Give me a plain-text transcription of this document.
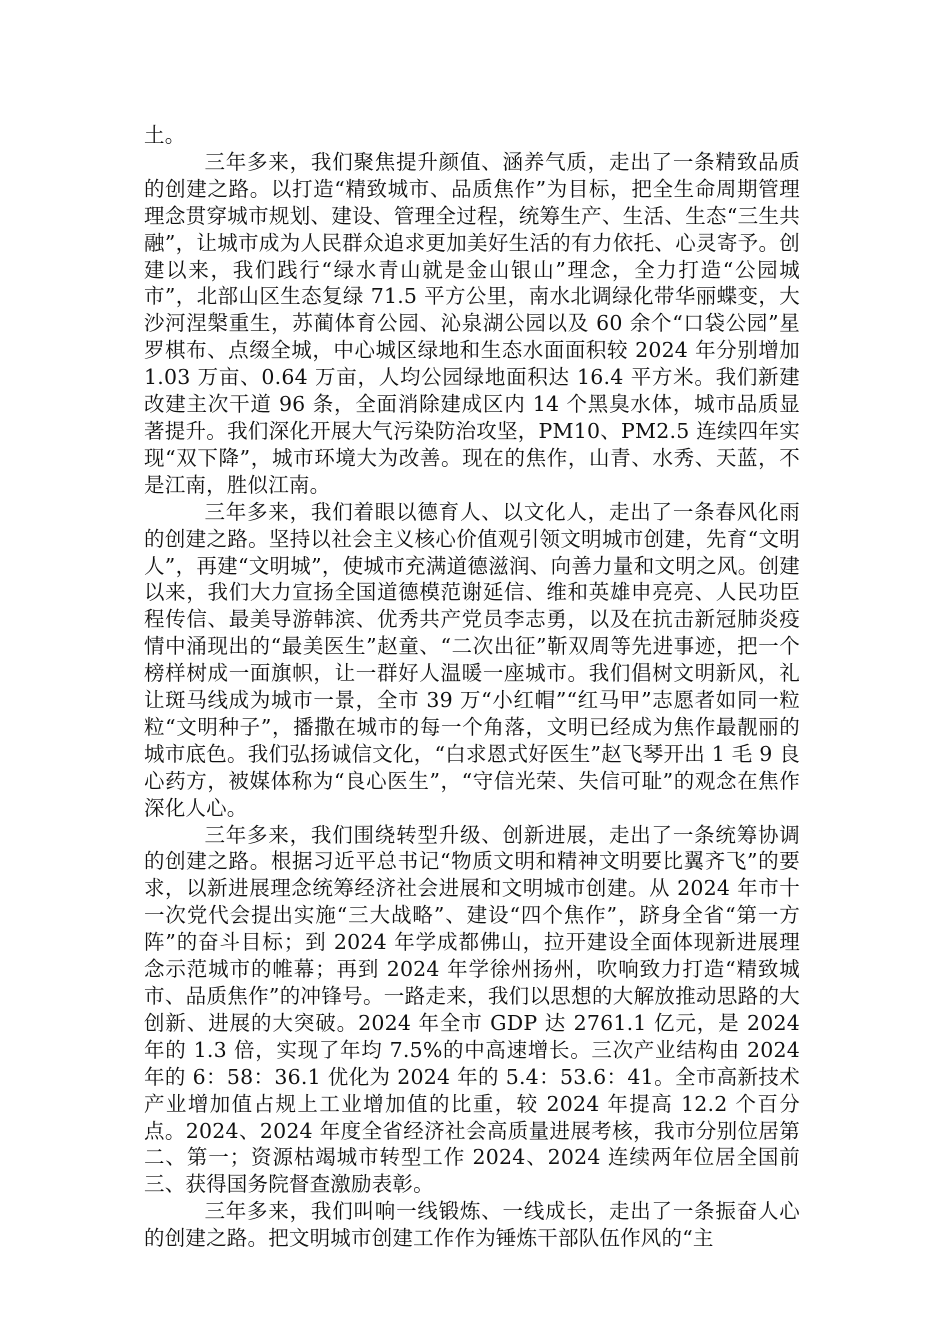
土。

三年多来，我们聚焦提升颜值、涵养气质，走出了一条精致品质的创建之路。以打造“精致城市、品质焦作”为目标，把全生命周期管理理念贯穿城市规划、建设、管理全过程，统筹生产、生活、生态“三生共融”，让城市成为人民群众追求更加美好生活的有力依托、心灵寄予。创建以来，我们践行“绿水青山就是金山银山”理念，全力打造“公园城市”，北部山区生态复绿 71.5 平方公里，南水北调绿化带华丽蝶变，大沙河涅槃重生，苏蔺体育公园、沁泉湖公园以及 60 余个“口袋公园”星罗棋布、点缀全城，中心城区绿地和生态水面面积较 2024 年分别增加 1.03 万亩、0.64 万亩，人均公园绿地面积达 16.4 平方米。我们新建改建主次干道 96 条，全面消除建成区内 14 个黑臭水体，城市品质显著提升。我们深化开展大气污染防治攻坚，PM10、PM2.5 连续四年实现“双下降”，城市环境大为改善。现在的焦作，山青、水秀、天蓝，不是江南，胜似江南。

三年多来，我们着眼以德育人、以文化人，走出了一条春风化雨的创建之路。坚持以社会主义核心价值观引领文明城市创建，先育“文明人”，再建“文明城”，使城市充满道德滋润、向善力量和文明之风。创建以来，我们大力宣扬全国道德模范谢延信、维和英雄申亮亮、人民功臣程传信、最美导游韩滨、优秀共产党员李志勇，以及在抗击新冠肺炎疫情中涌现出的“最美医生”赵童、“二次出征”靳双周等先进事迹，把一个榜样树成一面旗帜，让一群好人温暖一座城市。我们倡树文明新风，礼让斑马线成为城市一景，全市 39 万“小红帽”“红马甲”志愿者如同一粒粒“文明种子”，播撒在城市的每一个角落，文明已经成为焦作最靓丽的城市底色。我们弘扬诚信文化，“白求恩式好医生”赵飞琴开出 1 毛 9 良心药方，被媒体称为“良心医生”，“守信光荣、失信可耻”的观念在焦作深化人心。

三年多来，我们围绕转型升级、创新进展，走出了一条统筹协调的创建之路。根据习近平总书记“物质文明和精神文明要比翼齐飞”的要求，以新进展理念统筹经济社会进展和文明城市创建。从 2024 年市十一次党代会提出实施“三大战略”、建设“四个焦作”，跻身全省“第一方阵”的奋斗目标；到 2024 年学成都佛山，拉开建设全面体现新进展理念示范城市的帷幕；再到 2024 年学徐州扬州，吹响致力打造“精致城市、品质焦作”的冲锋号。一路走来，我们以思想的大解放推动思路的大创新、进展的大突破。2024 年全市 GDP 达 2761.1 亿元，是 2024 年的 1.3 倍，实现了年均 7.5%的中高速增长。三次产业结构由 2024 年的 6：58：36.1 优化为 2024 年的 5.4：53.6：41。全市高新技术产业增加值占规上工业增加值的比重，较 2024 年提高 12.2 个百分点。2024、2024 年度全省经济社会高质量进展考核，我市分别位居第二、第一；资源枯竭城市转型工作 2024、2024 连续两年位居全国前三、获得国务院督查激励表彰。

三年多来，我们叫响一线锻炼、一线成长，走出了一条振奋人心的创建之路。把文明城市创建工作作为锤炼干部队伍作风的“主
